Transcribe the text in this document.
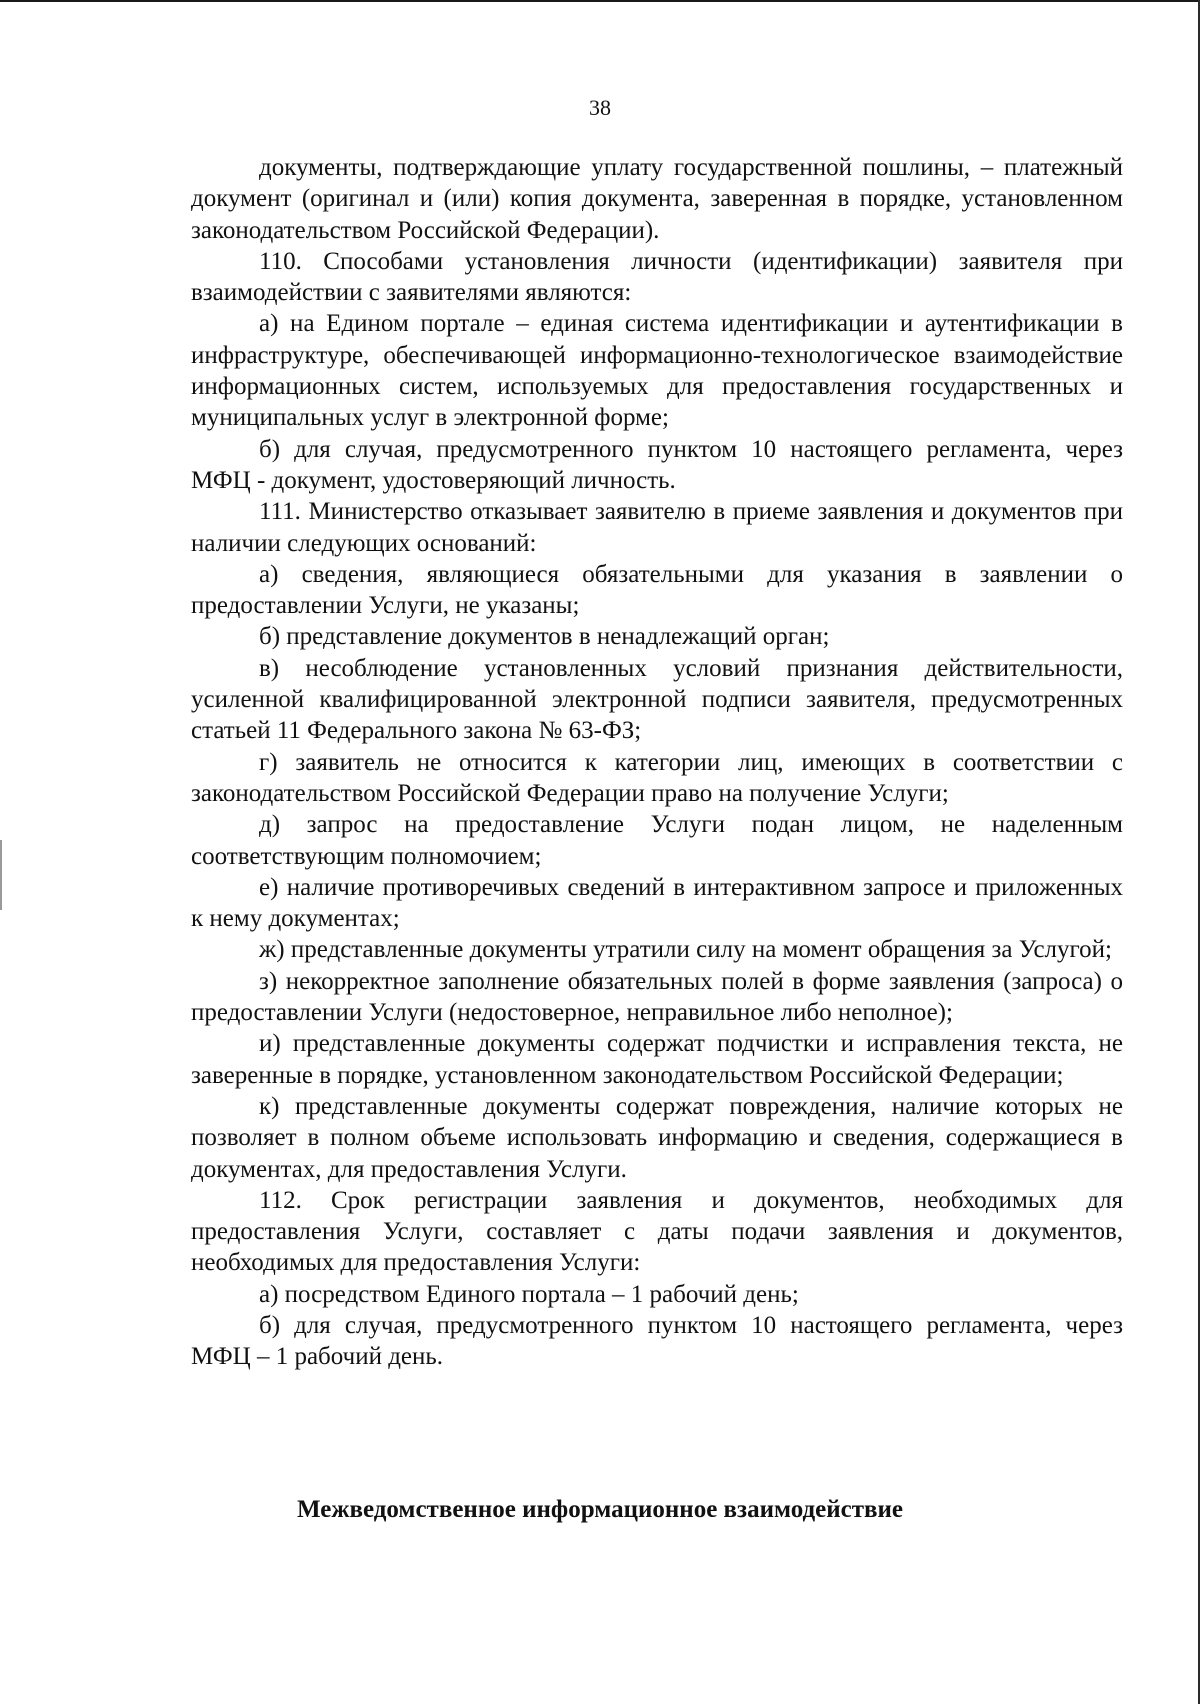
38

документы, подтверждающие уплату государственной пошлины, – платежный документ (оригинал и (или) копия документа, заверенная в порядке, установленном законодательством Российской Федерации).

110. Способами установления личности (идентификации) заявителя при взаимодействии с заявителями являются:

а) на Едином портале – единая система идентификации и аутентификации в инфраструктуре, обеспечивающей информационно-технологическое взаимодействие информационных систем, используемых для предоставления государственных и муниципальных услуг в электронной форме;

б) для случая, предусмотренного пунктом 10 настоящего регламента, через МФЦ - документ, удостоверяющий личность.

111. Министерство отказывает заявителю в приеме заявления и документов при наличии следующих оснований:

а) сведения, являющиеся обязательными для указания в заявлении о предоставлении Услуги, не указаны;

б) представление документов в ненадлежащий орган;

в) несоблюдение установленных условий признания действительности, усиленной квалифицированной электронной подписи заявителя, предусмотренных статьей 11 Федерального закона № 63-ФЗ;

г) заявитель не относится к категории лиц, имеющих в соответствии с законодательством Российской Федерации право на получение Услуги;

д) запрос на предоставление Услуги подан лицом, не наделенным соответствующим полномочием;

е) наличие противоречивых сведений в интерактивном запросе и приложенных к нему документах;

ж) представленные документы утратили силу на момент обращения за Услугой;

з) некорректное заполнение обязательных полей в форме заявления (запроса) о предоставлении Услуги (недостоверное, неправильное либо неполное);

и) представленные документы содержат подчистки и исправления текста, не заверенные в порядке, установленном законодательством Российской Федерации;

к) представленные документы содержат повреждения, наличие которых не позволяет в полном объеме использовать информацию и сведения, содержащиеся в документах, для предоставления Услуги.

112. Срок регистрации заявления и документов, необходимых для предоставления Услуги, составляет с даты подачи заявления и документов, необходимых для предоставления Услуги:

а) посредством Единого портала – 1 рабочий день;

б) для случая, предусмотренного пунктом 10 настоящего регламента, через МФЦ – 1 рабочий день.

Межведомственное информационное взаимодействие
